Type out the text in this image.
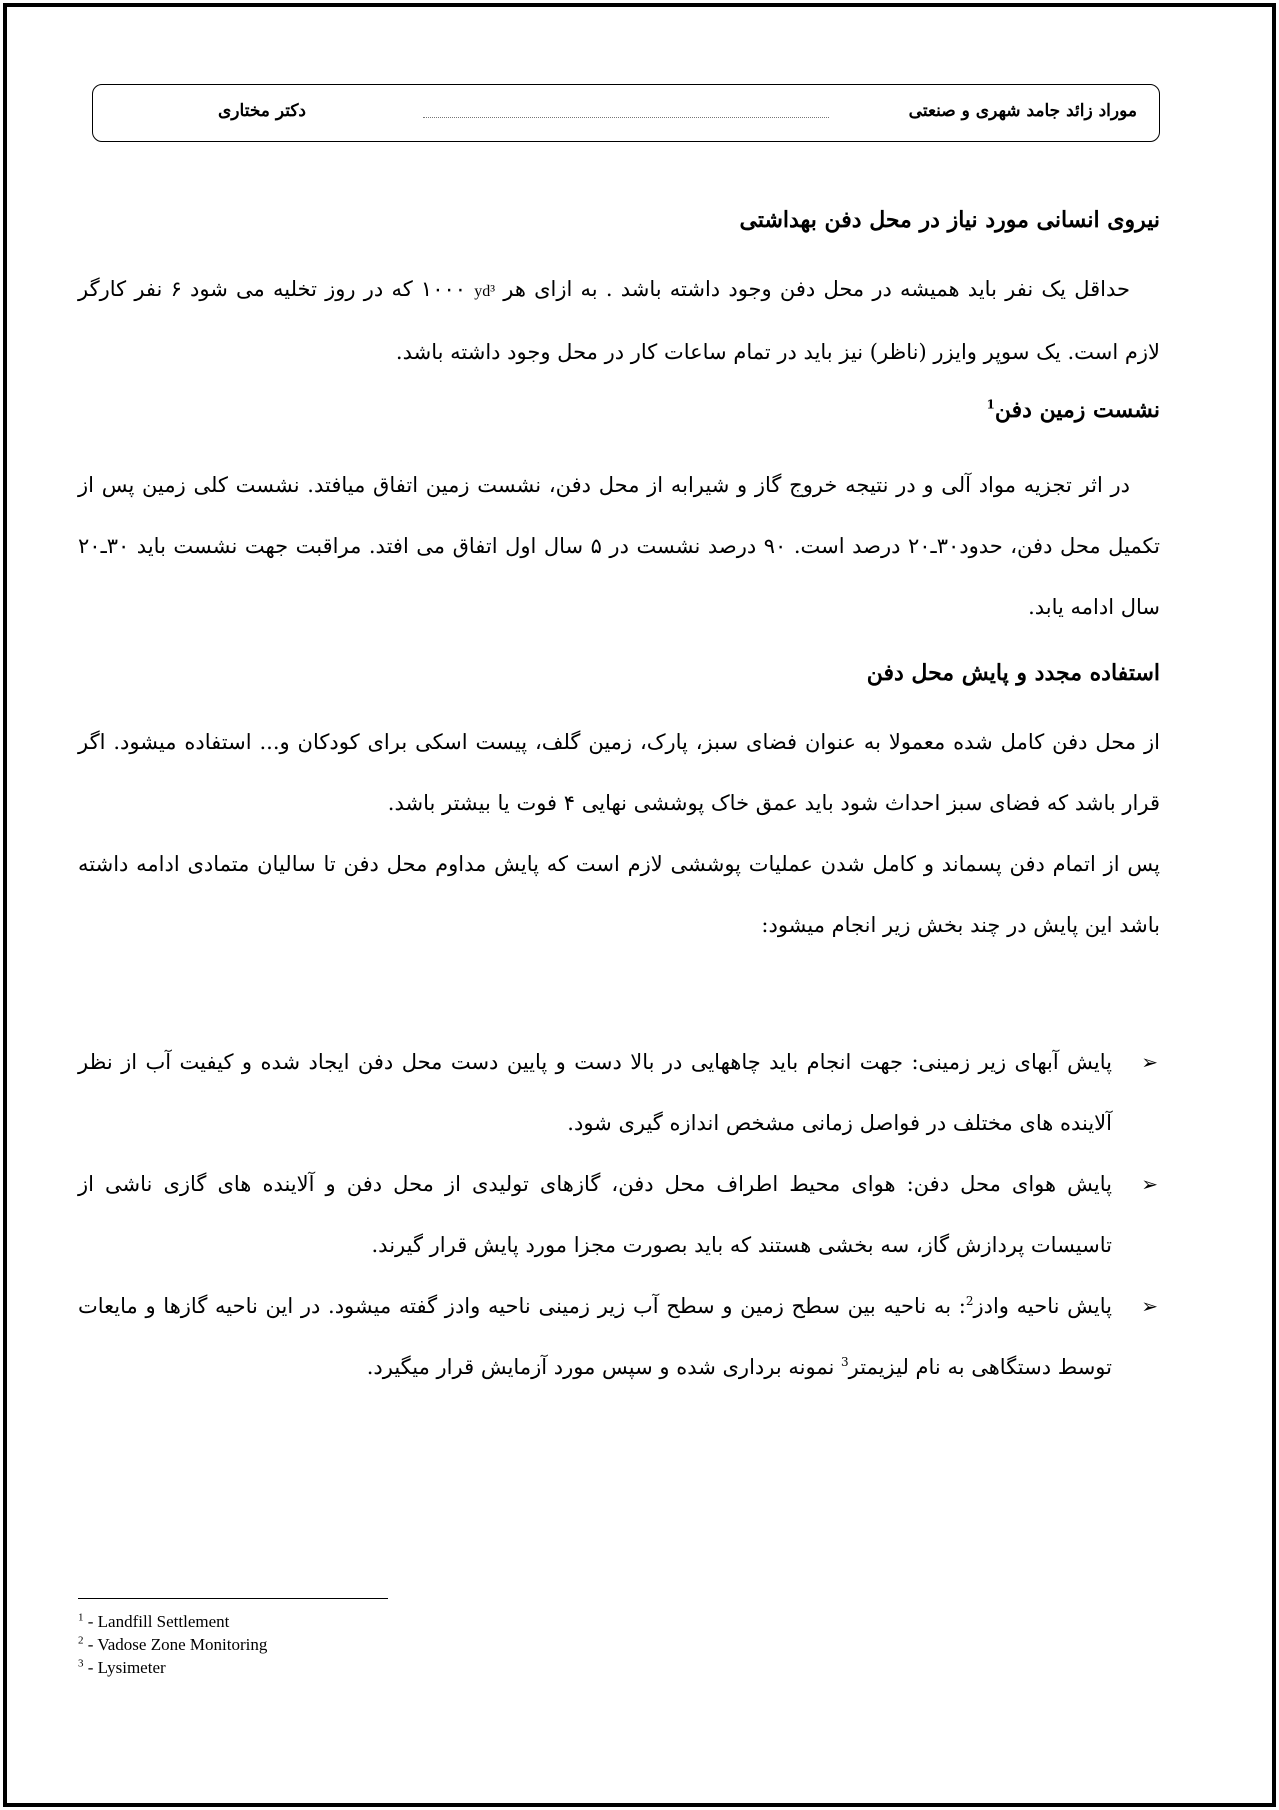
موراد زائد جامد شهری و صنعتی
دکتر مختاری
نیروی انسانی مورد نیاز در محل دفن بهداشتی

حداقل یک نفر باید همیشه در محل دفن وجود داشته باشد . به ازای هر yd³ ۱۰۰۰ که در روز تخلیه می شود ۶ نفر کارگر لازم است. یک سوپر وایزر (ناظر) نیز باید در تمام ساعات کار در محل وجود داشته باشد.

نشست زمین دفن$^1$

در اثر تجزیه مواد آلی و در نتیجه خروج گاز و شیرابه از محل دفن، نشست زمین اتفاق میافتد. نشست کلی زمین پس از تکمیل محل دفن، حدود۳۰ـ۲۰ درصد است. ۹۰ درصد نشست در ۵ سال اول اتفاق می افتد. مراقبت جهت نشست باید ۳۰ـ۲۰ سال ادامه یابد.

استفاده مجدد و پایش محل دفن

از محل دفن کامل شده معمولا به عنوان فضای سبز، پارک، زمین گلف، پیست اسکی برای کودکان و... استفاده میشود. اگر قرار باشد که فضای سبز احداث شود باید عمق خاک پوششی نهایی ۴ فوت یا بیشتر باشد.

پس از اتمام دفن پسماند و کامل شدن عملیات پوششی لازم است که پایش مداوم محل دفن تا سالیان متمادی ادامه داشته باشد این پایش در چند بخش زیر انجام میشود:

➢
پایش آبهای زیر زمینی: جهت انجام باید چاههایی در بالا دست و پایین دست محل دفن ایجاد شده و کیفیت آب از نظر آلاینده های مختلف در فواصل زمانی مشخص اندازه گیری شود.
➢
پایش هوای محل دفن: هوای محیط اطراف محل دفن، گازهای تولیدی از محل دفن و آلاینده های گازی ناشی از تاسیسات پردازش گاز، سه بخشی هستند که باید بصورت مجزا مورد پایش قرار گیرند.
➢
پایش ناحیه وادز$^2$: به ناحیه بین سطح زمین و سطح آب زیر زمینی ناحیه وادز گفته میشود. در این ناحیه گازها و مایعات توسط دستگاهی به نام لیزیمتر$^3$ نمونه برداری شده و سپس مورد آزمایش قرار میگیرد.
$^1$ - Landfill Settlement
$^2$ - Vadose Zone Monitoring
$^3$ - Lysimeter
